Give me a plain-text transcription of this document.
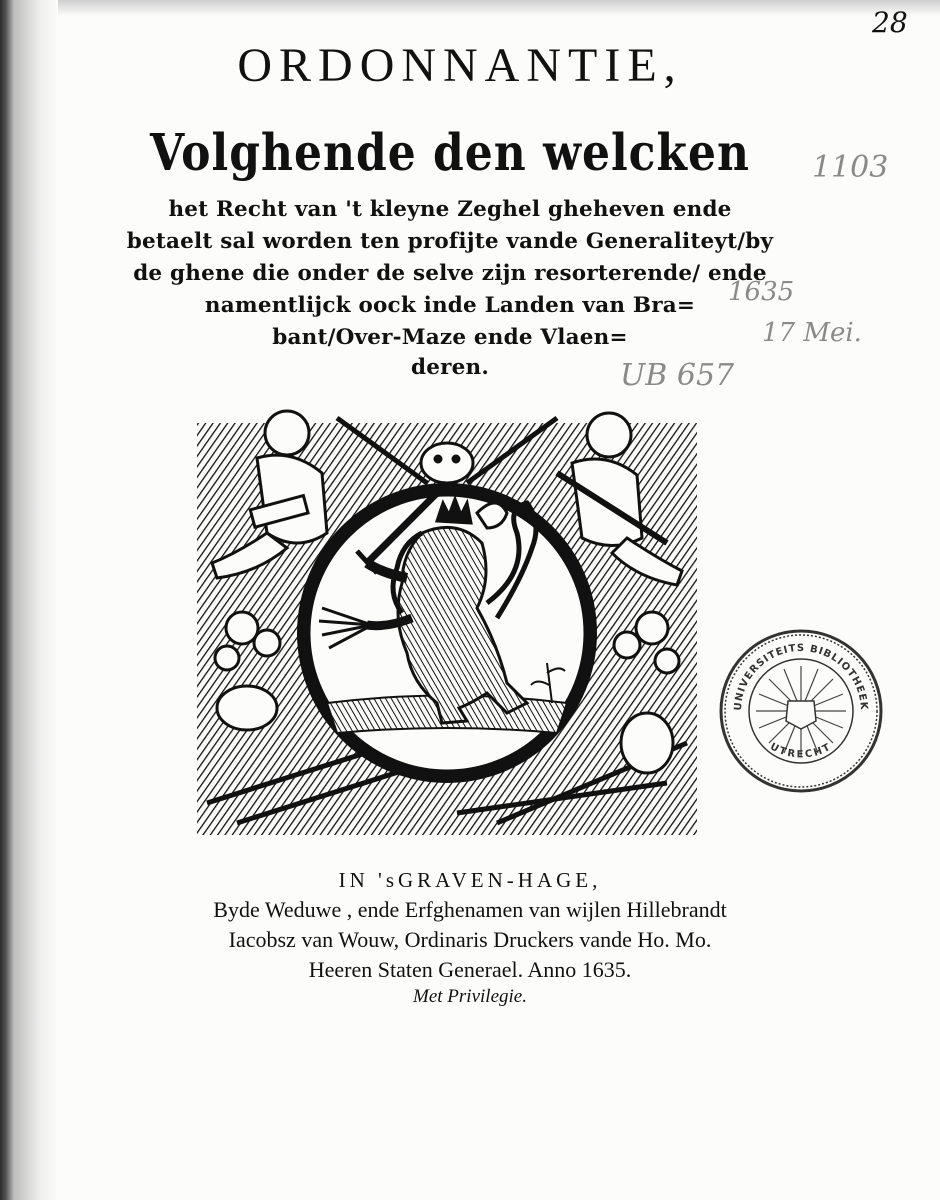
28
ORDONNANTIE,
Volghende den welcken
het Recht van 't kleyne Zeghel gheheven ende
betaelt sal worden ten profijte vande Generaliteyt/by
de ghene die onder de selve zijn resorterende/ ende
namentlijck oock inde Landen van Bra=
bant/Over-Maze ende Vlaen=
deren.
1103
1635
17 Mei.
UB 657
UNIVERSITEITS BIBLIOTHEEK
UTRECHT
IN 'sGRAVEN-HAGE,
Byde Weduwe , ende Erfghenamen van wijlen Hillebrandt
Iacobsz van Wouw, Ordinaris Druckers vande Ho. Mo.
Heeren Staten Generael. Anno 1635.
Met Privilegie.
